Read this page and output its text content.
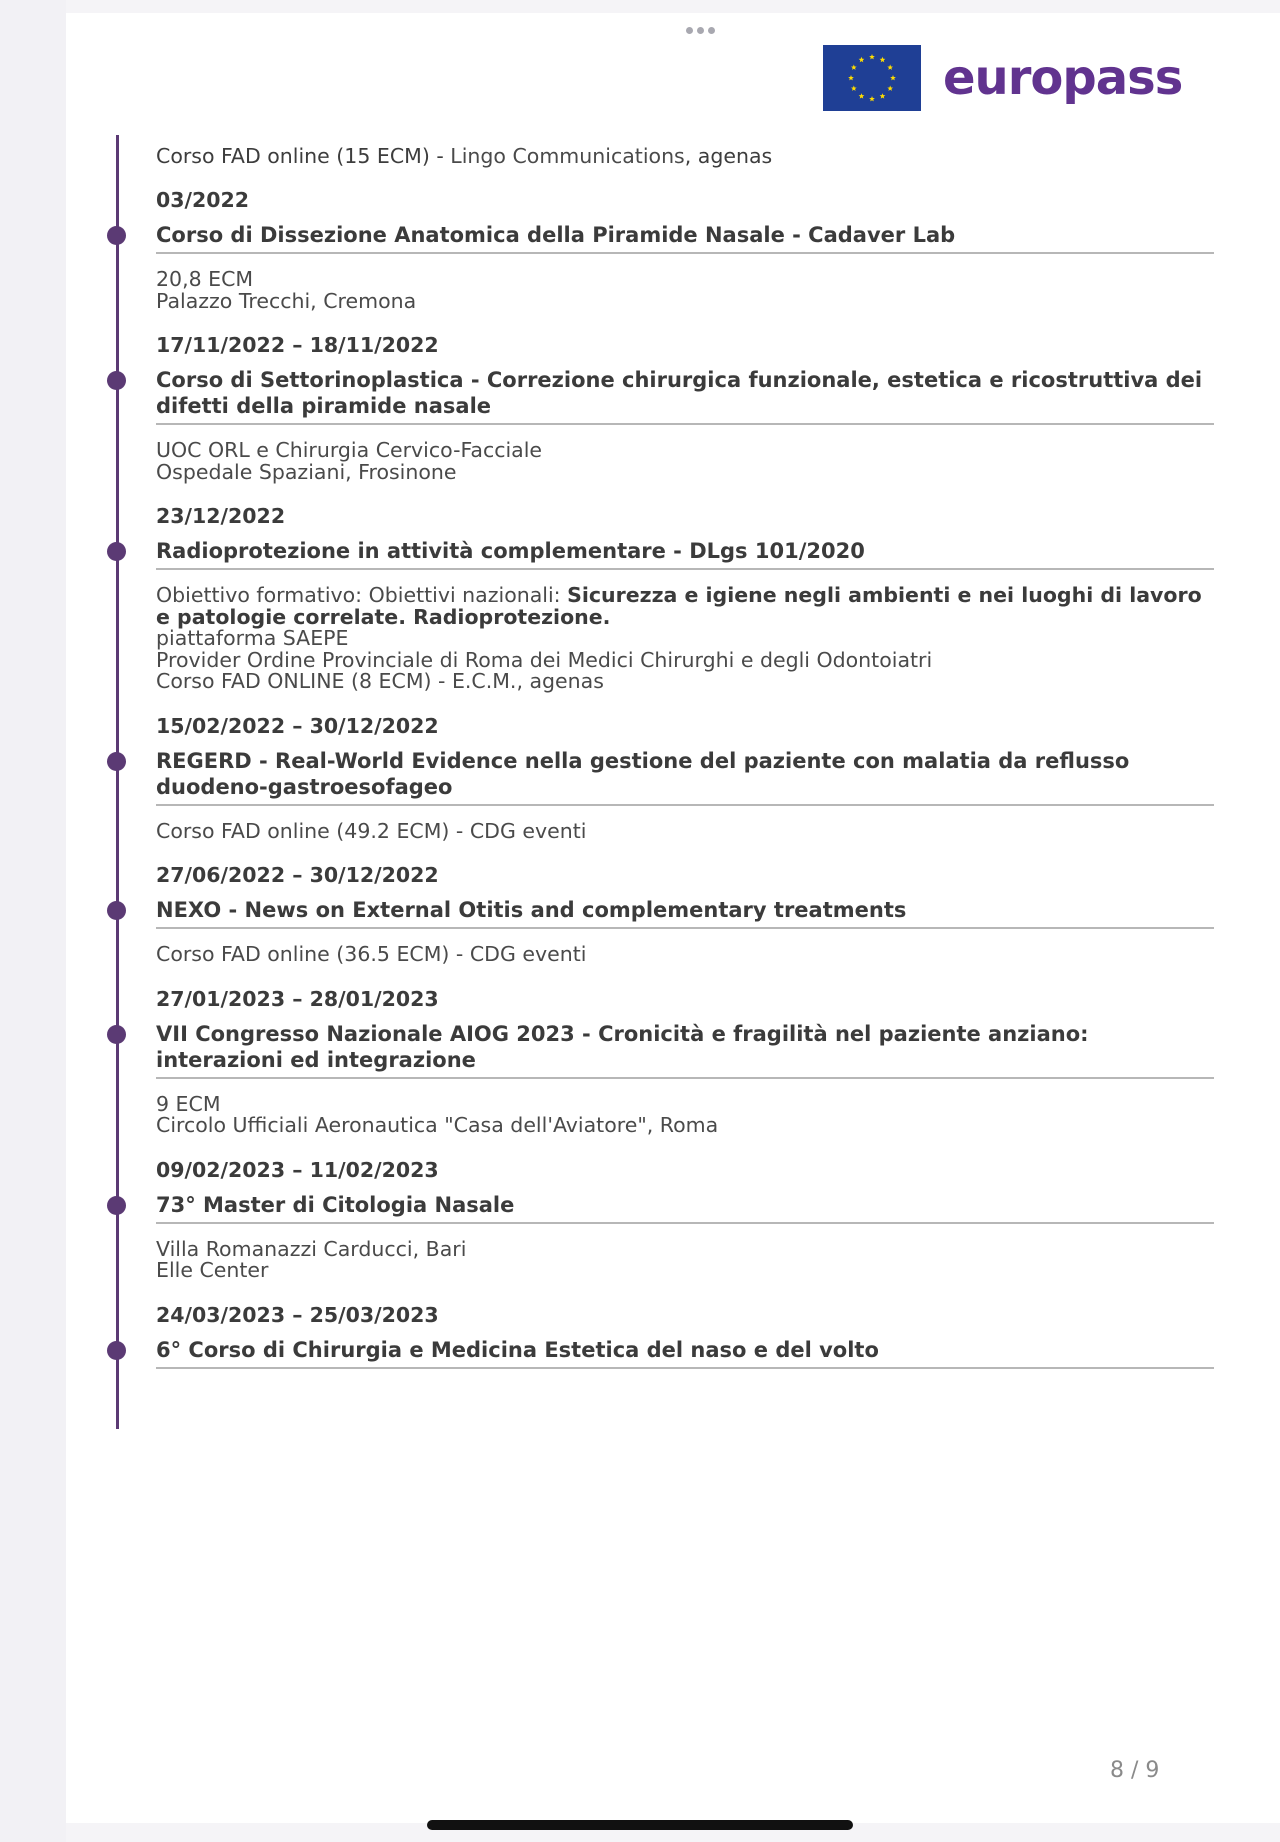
europass
Corso FAD online (15 ECM) - Lingo Communications, agenas
03/2022
Corso di Dissezione Anatomica della Piramide Nasale - Cadaver Lab
20,8 ECM
Palazzo Trecchi, Cremona
17/11/2022 – 18/11/2022
Corso di Settorinoplastica - Correzione chirurgica funzionale, estetica e ricostruttiva dei difetti della piramide nasale
UOC ORL e Chirurgia Cervico-Facciale
Ospedale Spaziani, Frosinone
23/12/2022
Radioprotezione in attività complementare - DLgs 101/2020
Obiettivo formativo: Obiettivi nazionali: Sicurezza e igiene negli ambienti e nei luoghi di lavoro e patologie correlate. Radioprotezione.
piattaforma SAEPE
Provider Ordine Provinciale di Roma dei Medici Chirurghi e degli Odontoiatri
Corso FAD ONLINE (8 ECM) - E.C.M., agenas
15/02/2022 – 30/12/2022
REGERD - Real-World Evidence nella gestione del paziente con malatia da reflusso duodeno-gastroesofageo
Corso FAD online (49.2 ECM) - CDG eventi
27/06/2022 – 30/12/2022
NEXO - News on External Otitis and complementary treatments
Corso FAD online (36.5 ECM) - CDG eventi
27/01/2023 – 28/01/2023
VII Congresso Nazionale AIOG 2023 - Cronicità e fragilità nel paziente anziano: interazioni ed integrazione
9 ECM
Circolo Ufficiali Aeronautica "Casa dell'Aviatore", Roma
09/02/2023 – 11/02/2023
73° Master di Citologia Nasale
Villa Romanazzi Carducci, Bari
Elle Center
24/03/2023 – 25/03/2023
6° Corso di Chirurgia e Medicina Estetica del naso e del volto
8 / 9
